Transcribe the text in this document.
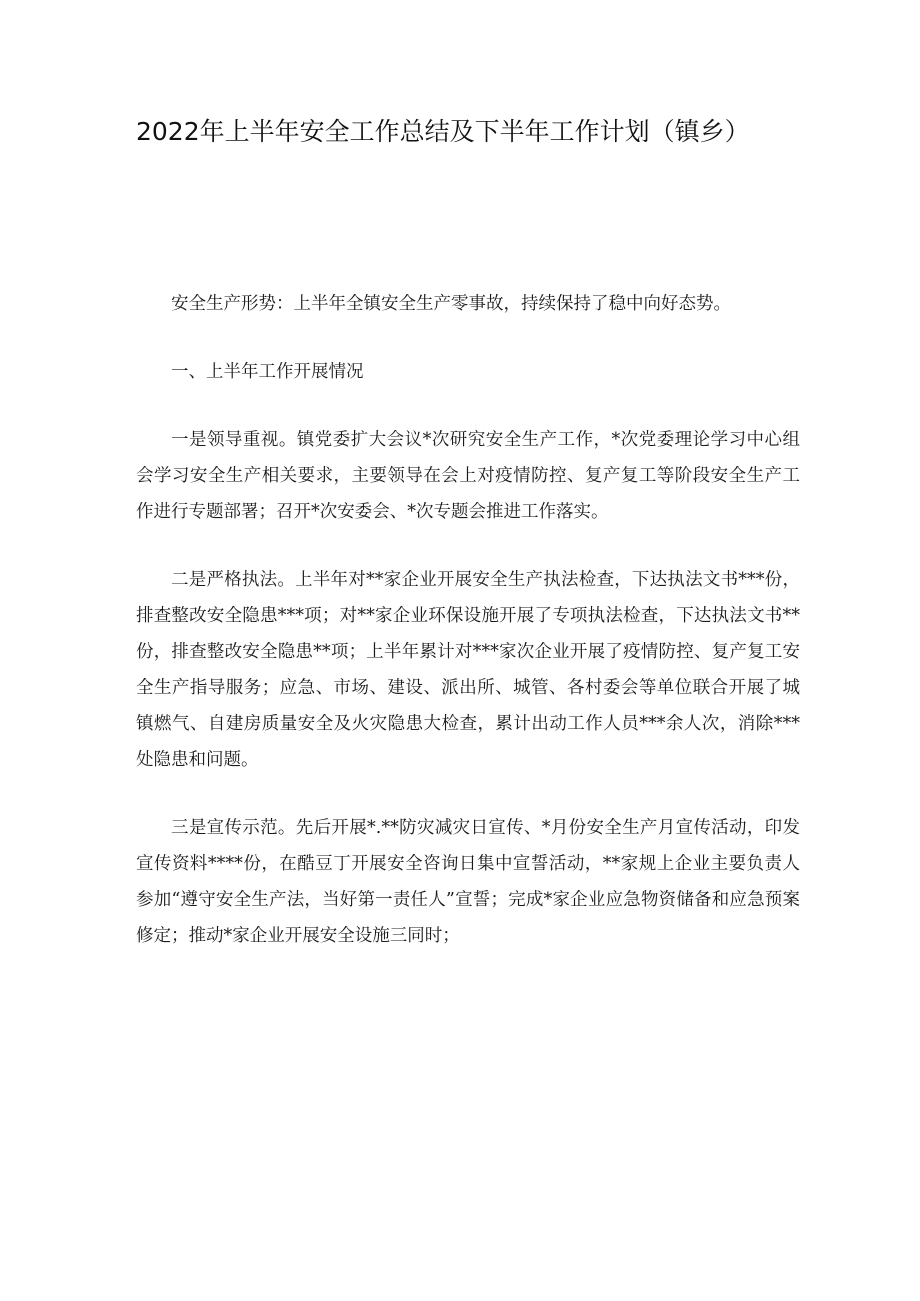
2022年上半年安全工作总结及下半年工作计划（镇乡）

安全生产形势：上半年全镇安全生产零事故，持续保持了稳中向好态势。

一、上半年工作开展情况

一是领导重视。镇党委扩大会议*次研究安全生产工作，*次党委理论学习中心组会学习安全生产相关要求，主要领导在会上对疫情防控、复产复工等阶段安全生产工作进行专题部署；召开*次安委会、*次专题会推进工作落实。

二是严格执法。上半年对**家企业开展安全生产执法检查，下达执法文书***份，排查整改安全隐患***项；对**家企业环保设施开展了专项执法检查，下达执法文书**份，排查整改安全隐患**项；上半年累计对***家次企业开展了疫情防控、复产复工安全生产指导服务；应急、市场、建设、派出所、城管、各村委会等单位联合开展了城镇燃气、自建房质量安全及火灾隐患大检查，累计出动工作人员***余人次，消除***处隐患和问题。

三是宣传示范。先后开展*.**防灾减灾日宣传、*月份安全生产月宣传活动，印发宣传资料****份，在酷豆丁开展安全咨询日集中宣誓活动，**家规上企业主要负责人参加“遵守安全生产法，当好第一责任人”宣誓；完成*家企业应急物资储备和应急预案修定；推动*家企业开展安全设施三同时；
